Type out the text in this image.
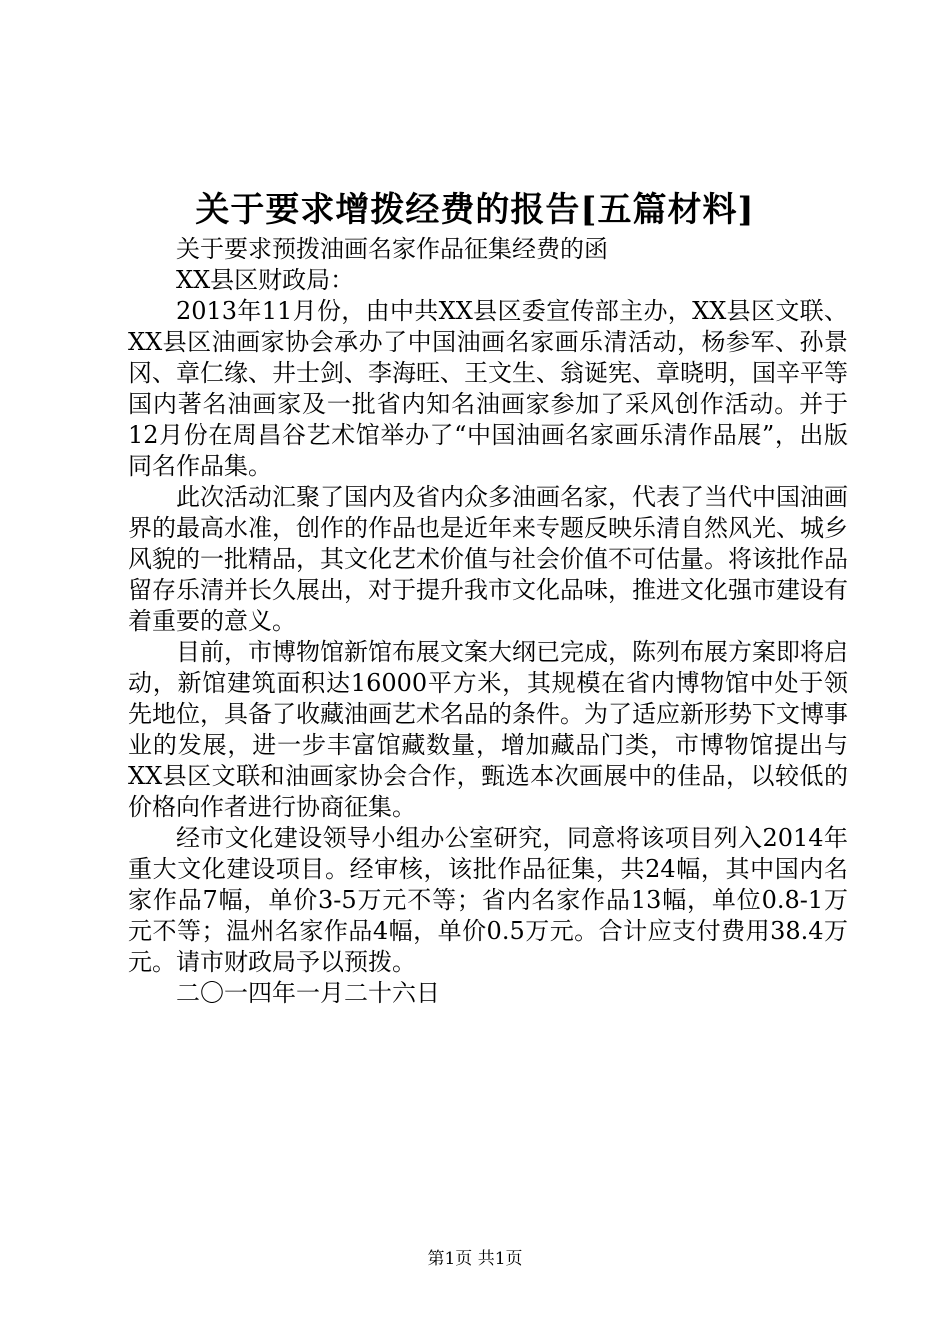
关于要求增拨经费的报告[五篇材料]

关于要求预拨油画名家作品征集经费的函

XX县区财政局：

2013年11月份，由中共XX县区委宣传部主办，XX县区文联、XX县区油画家协会承办了中国油画名家画乐清活动，杨参军、孙景冈、章仁缘、井士剑、李海旺、王文生、翁诞宪、章晓明，国辛平等国内著名油画家及一批省内知名油画家参加了采风创作活动。并于12月份在周昌谷艺术馆举办了“中国油画名家画乐清作品展”，出版同名作品集。

此次活动汇聚了国内及省内众多油画名家，代表了当代中国油画界的最高水准，创作的作品也是近年来专题反映乐清自然风光、城乡风貌的一批精品，其文化艺术价值与社会价值不可估量。将该批作品留存乐清并长久展出，对于提升我市文化品味，推进文化强市建设有着重要的意义。

目前，市博物馆新馆布展文案大纲已完成，陈列布展方案即将启动，新馆建筑面积达16000平方米，其规模在省内博物馆中处于领先地位，具备了收藏油画艺术名品的条件。为了适应新形势下文博事业的发展，进一步丰富馆藏数量，增加藏品门类，市博物馆提出与XX县区文联和油画家协会合作，甄选本次画展中的佳品，以较低的价格向作者进行协商征集。

经市文化建设领导小组办公室研究，同意将该项目列入2014年重大文化建设项目。经审核，该批作品征集，共24幅，其中国内名家作品7幅，单价3-5万元不等；省内名家作品13幅，单位0.8-1万元不等；温州名家作品4幅，单价0.5万元。合计应支付费用38.4万元。请市财政局予以预拨。

二〇一四年一月二十六日

第1页 共1页
